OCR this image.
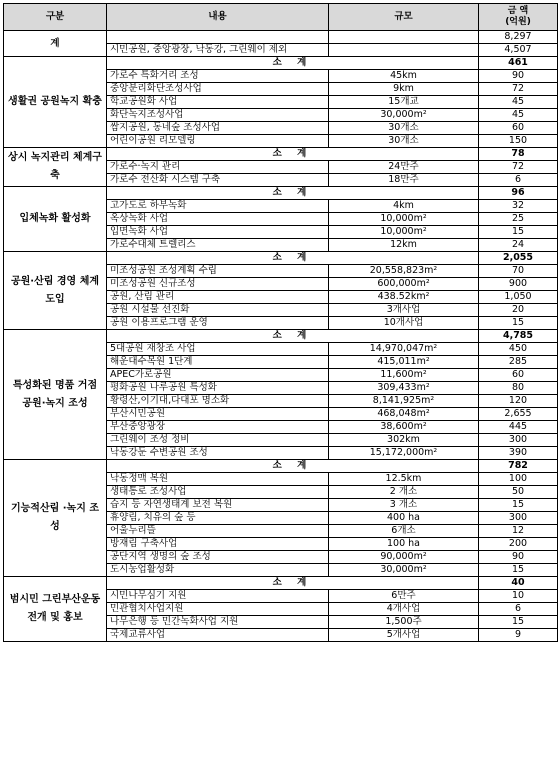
구분	내용	규모	금 액
(억원)

계			8,297
	시민공원, 중앙광장, 낙동강, 그린웨이 제외		4,507
생활권 공원녹지 확충	소 계		461
	가로수 특화거리 조성	45km	90
	중앙분리화단조성사업	9km	72
	학교공원화 사업	15개교	45
	화단녹지조성사업	30,000m²	45
	쌈지공원, 동네숲 조성사업	30개소	60
	어린이공원 리모델링	30개소	150
상시 녹지관리 체계구축	소 계		78
	가로수·녹지 관리	24만주	72
	가로수 전산화 시스템 구축	18만주	6
입체녹화 활성화	소 계		96
	고가도로 하부녹화	4km	32
	옥상녹화 사업	10,000m²	25
	입면녹화 사업	10,000m²	15
	가로수대체 트렐리스	12km	24
공원·산림 경영 체계 도입	소 계		2,055
	미조성공원 조성계획 수립	20,558,823m²	70
	미조성공원 신규조성	600,000m²	900
	공원, 산림 관리	438.52km²	1,050
	공원 시설물 선진화	3개사업	20
	공원 이용프로그램 운영	10개사업	15
특성화된 명품 거점 공원·녹지 조성	소 계		4,785
	5대공원 재창조 사업	14,970,047m²	450
	해운대수목원 1단계	415,011m²	285
	APEC가로공원	11,600m²	60
	평화공원 나루공원 특성화	309,433m²	80
	황령산,이기대,다대포 명소화	8,141,925m²	120
	부산시민공원	468,048m²	2,655
	부산중앙광장	38,600m²	445
	그린웨이 조성 정비	302km	300
	낙동강둔 수변공원 조성	15,172,000m²	390
기능적산림 ·녹지 조성	소 계		782
	낙동정맥 복원	12.5km	100
	생태통로 조성사업	2 개소	50
	습지 등 자연생태계 보전 복원	3 개소	15
	휴양림, 치유의 숲 등	400 ha	300
	어울누리뜰	6개소	12
	방재림 구축사업	100 ha	200
	공단지역 생명의 숲 조성	90,000m²	90
	도시농업활성화	30,000m²	15
범시민 그린부산운동 전개 및 홍보	소 계		40
	시민나무심기 지원	6만주	10
	민관협치사업지원	4개사업	6
	나무은행 등 민간녹화사업 지원	1,500주	15
	국제교류사업	5개사업	9
